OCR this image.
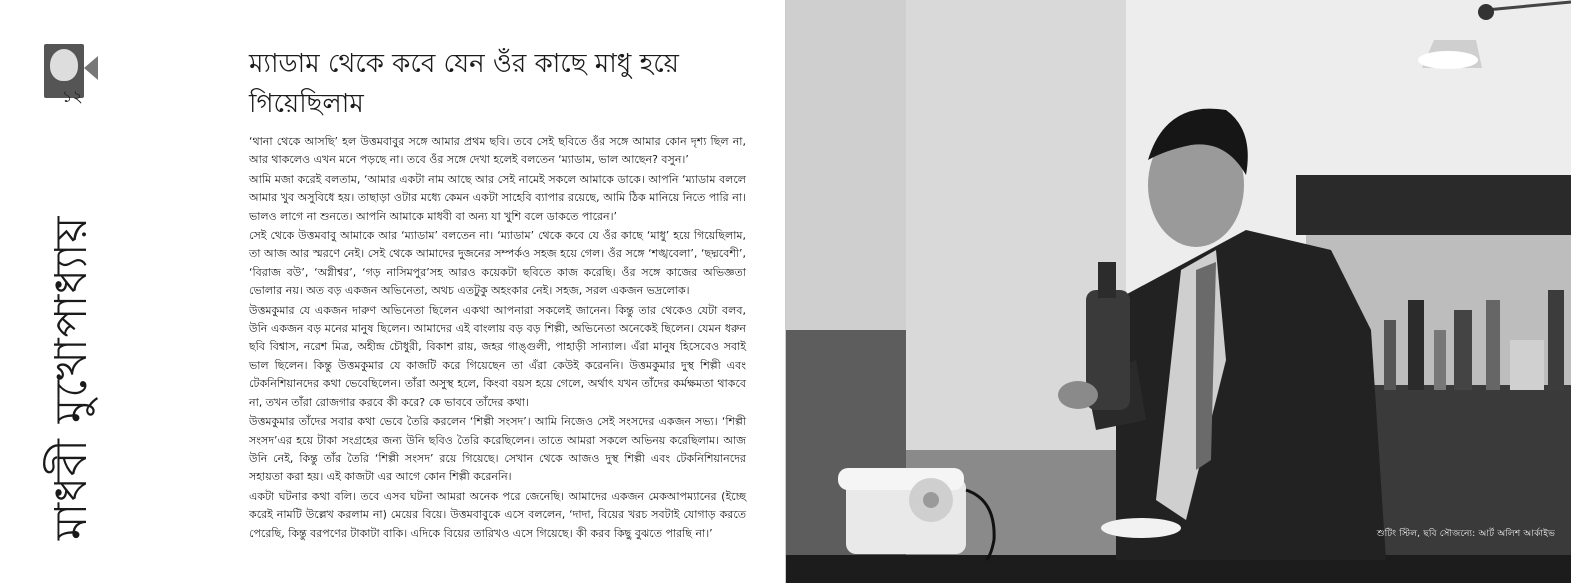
১২
মাধবী মুখোপাধ্যায়
ম্যাডাম থেকে কবে যেন ওঁর কাছে মাধু হয়ে গিয়েছিলাম

‘থানা থেকে আসছি’ হল উত্তমবাবুর সঙ্গে আমার প্রথম ছবি। তবে সেই ছবিতে ওঁর সঙ্গে আমার কোন দৃশ্য ছিল না, আর থাকলেও এখন মনে পড়ছে না। তবে ওঁর সঙ্গে দেখা হলেই বলতেন ‘ম্যাডাম, ভাল আছেন? বসুন।’

আমি মজা করেই বলতাম, ‘আমার একটা নাম আছে আর সেই নামেই সকলে আমাকে ডাকে। আপনি ‘ম্যাডাম বললে আমার খুব অসুবিধে হয়। তাছাড়া ওটার মধ্যে কেমন একটা সাহেবি ব্যাপার রয়েছে, আমি ঠিক মানিয়ে নিতে পারি না। ভালও লাগে না শুনতে। আপনি আমাকে মাধবী বা অন্য যা খুশি বলে ডাকতে পারেন।’

সেই থেকে উত্তমবাবু আমাকে আর ‘ম্যাডাম’ বলতেন না। ‘ম্যাডাম’ থেকে কবে যে ওঁর কাছে ‘মাধু’ হয়ে গিয়েছিলাম, তা আজ আর স্মরণে নেই। সেই থেকে আমাদের দুজনের সম্পর্কও সহজ হয়ে গেল। ওঁর সঙ্গে ‘শঙ্খবেলা’, ‘ছদ্মবেশী’, ‘বিরাজ বউ’, ‘অগ্নীশ্বর’, ‘গড় নাসিমপুর’সহ আরও কয়েকটা ছবিতে কাজ করেছি। ওঁর সঙ্গে কাজের অভিজ্ঞতা ভোলার নয়। অত বড় একজন অভিনেতা, অথচ এতটুকু অহংকার নেই। সহজ, সরল একজন ভদ্রলোক।

উত্তমকুমার যে একজন দারুণ অভিনেতা ছিলেন একথা আপনারা সকলেই জানেন। কিন্তু তার থেকেও যেটা বলব, উনি একজন বড় মনের মানুষ ছিলেন। আমাদের এই বাংলায় বড় বড় শিল্পী, অভিনেতা অনেকেই ছিলেন। যেমন ধরুন ছবি বিশ্বাস, নরেশ মিত্র, অহীন্দ্র চৌধুরী, বিকাশ রায়, জহর গাঙ্গুলী, পাহাড়ী সান্যাল। এঁরা মানুষ হিসেবেও সবাই ভাল ছিলেন। কিন্তু উত্তমকুমার যে কাজটি করে গিয়েছেন তা এঁরা কেউই করেননি। উত্তমকুমার দুস্থ শিল্পী এবং টেকনিশিয়ানদের কথা ভেবেছিলেন। তাঁরা অসুস্থ হলে, কিংবা বয়স হয়ে গেলে, অর্থাৎ যখন তাঁদের কর্মক্ষমতা থাকবে না, তখন তাঁরা রোজগার করবে কী করে? কে ভাববে তাঁদের কথা।

উত্তমকুমার তাঁদের সবার কথা ভেবে তৈরি করলেন ‘শিল্পী সংসদ’। আমি নিজেও সেই সংসদের একজন সভ্য। ‘শিল্পী সংসদ’এর হয়ে টাকা সংগ্রহের জন্য উনি ছবিও তৈরি করেছিলেন। তাতে আমরা সকলে অভিনয় করেছিলাম। আজ উনি নেই, কিন্তু তাঁর তৈরি ‘শিল্পী সংসদ’ রয়ে গিয়েছে। সেখান থেকে আজও দুস্থ শিল্পী এবং টেকনিশিয়ানদের সহায়তা করা হয়। এই কাজটা এর আগে কোন শিল্পী করেননি।

একটা ঘটনার কথা বলি। তবে এসব ঘটনা আমরা অনেক পরে জেনেছি। আমাদের একজন মেকআপম্যানের (ইচ্ছে করেই নামটি উল্লেখ করলাম না) মেয়ের বিয়ে। উত্তমবাবুকে এসে বললেন, ‘দাদা, বিয়ের খরচ সবটাই যোগাড় করতে পেরেছি, কিন্তু বরপণের টাকাটা বাকি। এদিকে বিয়ের তারিখও এসে গিয়েছে। কী করব কিছু বুঝতে পারছি না।’	শুটিং স্টিল, ছবি সৌজন্যে: আর্ট অলিশ আর্কাইভ
